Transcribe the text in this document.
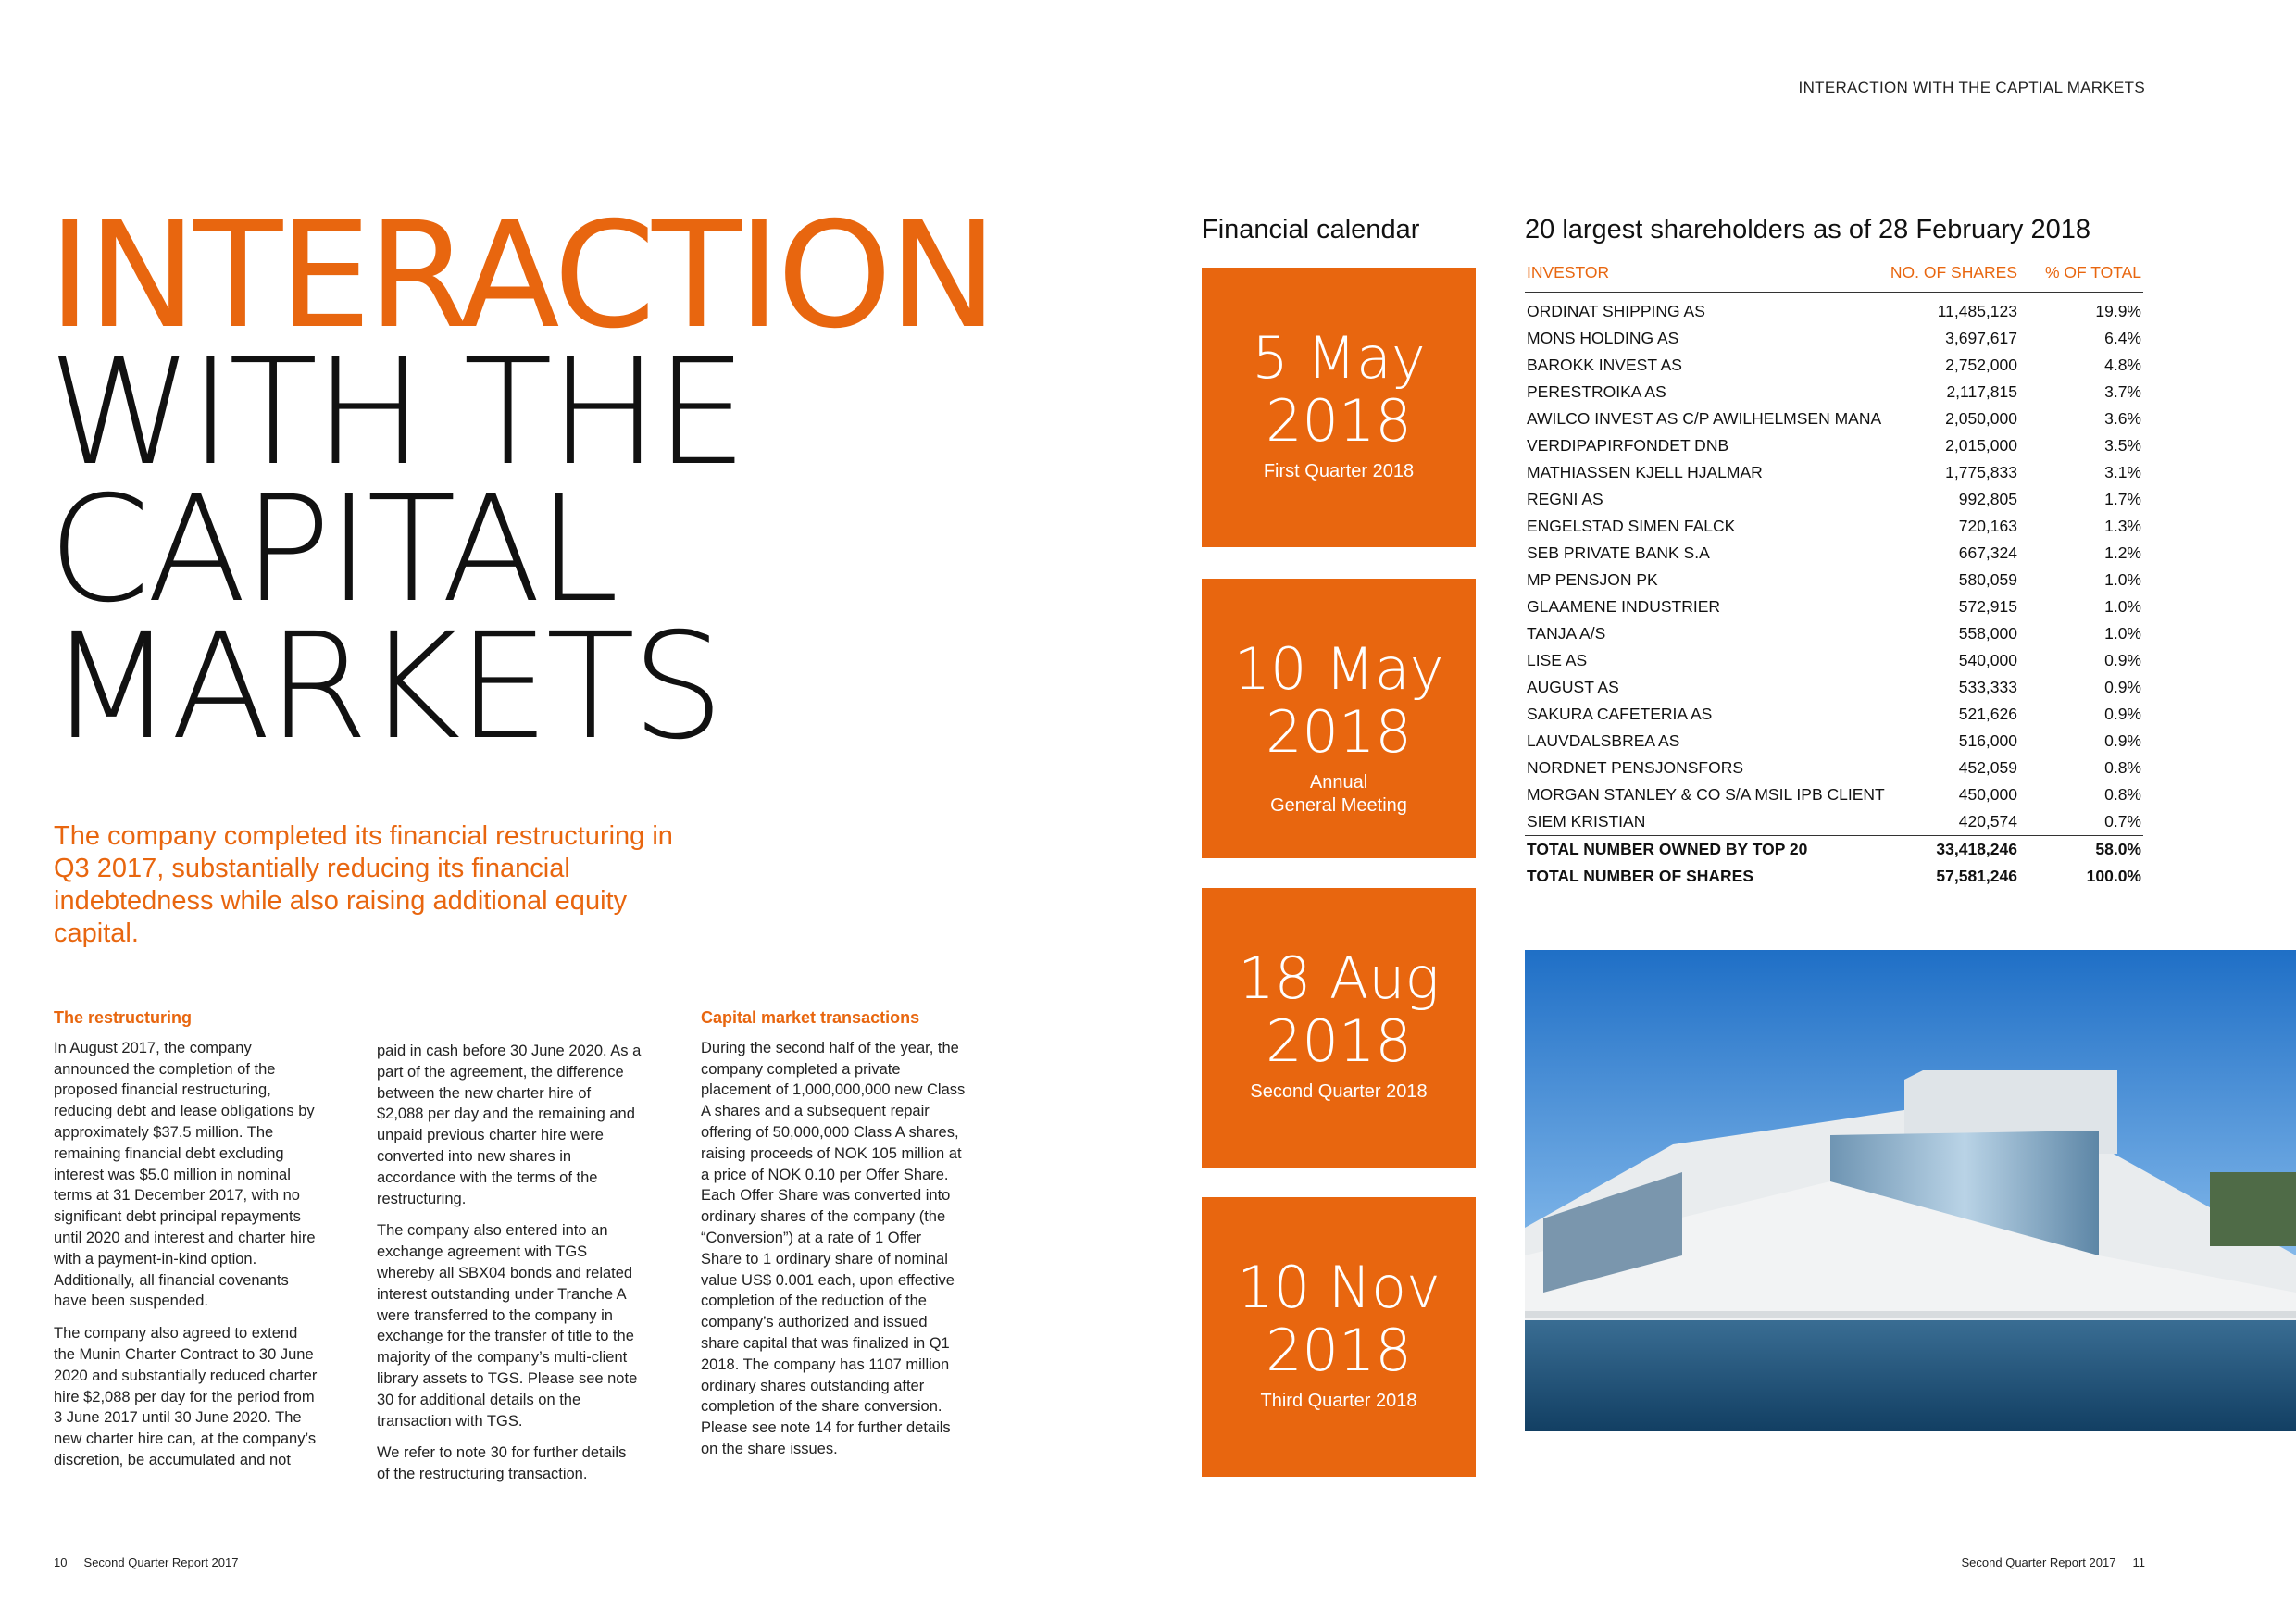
INTERACTION WITH THE CAPTIAL MARKETS
INTERACTION
WITH THE
CAPITAL
MARKETS
The company completed its financial restructuring in Q3 2017, substantially reducing its financial indebtedness while also raising additional equity capital.
The restructuring

In August 2017, the company announced the completion of the proposed financial restructuring, reducing debt and lease obligations by approximately $37.5 million. The remaining financial debt excluding interest was $5.0 million in nominal terms at 31 December 2017, with no significant debt principal repayments until 2020 and interest and charter hire with a payment-in-kind option. Additionally, all financial covenants have been suspended.

The company also agreed to extend the Munin Charter Contract to 30 June 2020 and substantially reduced charter hire $2,088 per day for the period from 3 June 2017 until 30 June 2020. The new charter hire can, at the company’s discretion, be accumulated and not

paid in cash before 30 June 2020. As a part of the agreement, the difference between the new charter hire of $2,088 per day and the remaining and unpaid previous charter hire were converted into new shares in accordance with the terms of the restructuring.

The company also entered into an exchange agreement with TGS whereby all SBX04 bonds and related interest outstanding under Tranche A were transferred to the company in exchange for the transfer of title to the majority of the company’s multi-client library assets to TGS. Please see note 30 for additional details on the transaction with TGS.

We refer to note 30 for further details of the restructuring transaction.

Capital market transactions

During the second half of the year, the company completed a private placement of 1,000,000,000 new Class A shares and a subsequent repair offering of 50,000,000 Class A shares, raising proceeds of NOK 105 million at a price of NOK 0.10 per Offer Share. Each Offer Share was converted into ordinary shares of the company (the “Conversion”) at a rate of 1 Offer Share to 1 ordinary share of nominal value US$ 0.001 each, upon effective completion of the reduction of the company’s authorized and issued share capital that was finalized in Q1 2018. The company has 1107 million ordinary shares outstanding after completion of the share conversion. Please see note 14 for further details on the share issues.

10 Second Quarter Report 2017	Second Quarter Report 2017 11
Financial calendar
5 May
2018
First Quarter 2018
10 May
2018
Annual
General Meeting
18 Aug
2018
Second Quarter 2018
10 Nov
2018
Third Quarter 2018
20 largest shareholders as of 28 February 2018
INVESTOR	NO. OF SHARES	% OF TOTAL
ORDINAT SHIPPING AS	11,485,123	19.9%
MONS HOLDING AS	3,697,617	6.4%
BAROKK INVEST AS	2,752,000	4.8%
PERESTROIKA AS	2,117,815	3.7%
AWILCO INVEST AS C/P AWILHELMSEN MANA	2,050,000	3.6%
VERDIPAPIRFONDET DNB	2,015,000	3.5%
MATHIASSEN KJELL HJALMAR	1,775,833	3.1%
REGNI AS	992,805	1.7%
ENGELSTAD SIMEN FALCK	720,163	1.3%
SEB PRIVATE BANK S.A	667,324	1.2%
MP PENSJON PK	580,059	1.0%
GLAAMENE INDUSTRIER	572,915	1.0%
TANJA A/S	558,000	1.0%
LISE AS	540,000	0.9%
AUGUST AS	533,333	0.9%
SAKURA CAFETERIA AS	521,626	0.9%
LAUVDALSBREA AS	516,000	0.9%
NORDNET PENSJONSFORS	452,059	0.8%
MORGAN STANLEY & CO S/A MSIL IPB CLIENT	450,000	0.8%
SIEM KRISTIAN	420,574	0.7%
TOTAL NUMBER OWNED BY TOP 20	33,418,246	58.0%
TOTAL NUMBER OF SHARES	57,581,246	100.0%
